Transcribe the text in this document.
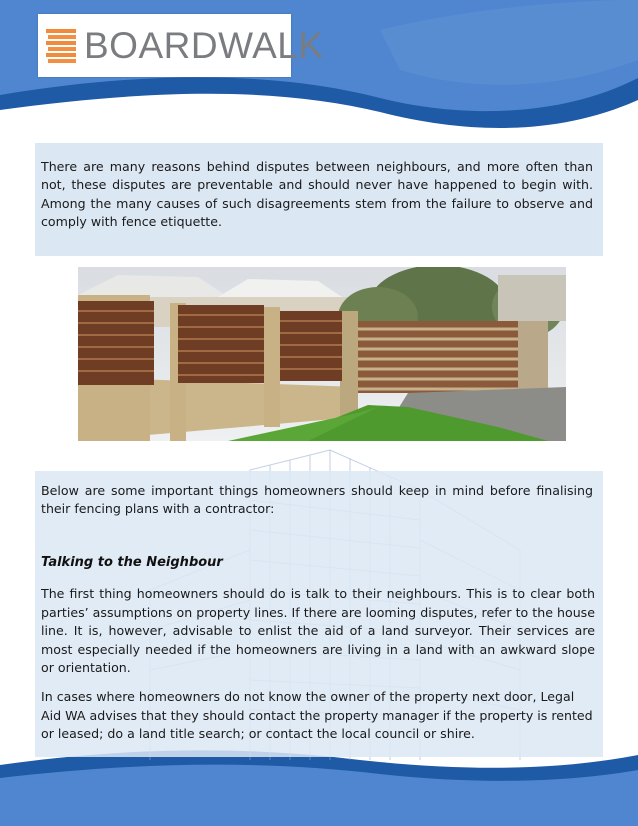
BOARDWALK
There are many reasons behind disputes between neighbours, and more often than not, these disputes are preventable and should never have happened to begin with. Among the many causes of such disagreements stem from the failure to observe and comply with fence etiquette.
Below are some important things homeowners should keep in mind before finalising their fencing plans with a contractor:
Talking to the Neighbour
The first thing homeowners should do is talk to their neighbours. This is to clear both parties’ assumptions on property lines. If there are looming disputes, refer to the house line. It is, however, advisable to enlist the aid of a land surveyor. Their services are most especially needed if the homeowners are living in a land with an awkward slope or orientation.
In cases where homeowners do not know the owner of the property next door, Legal Aid WA advises that they should contact the property manager if the property is rented or leased; do a land title search; or contact the local council or shire.
